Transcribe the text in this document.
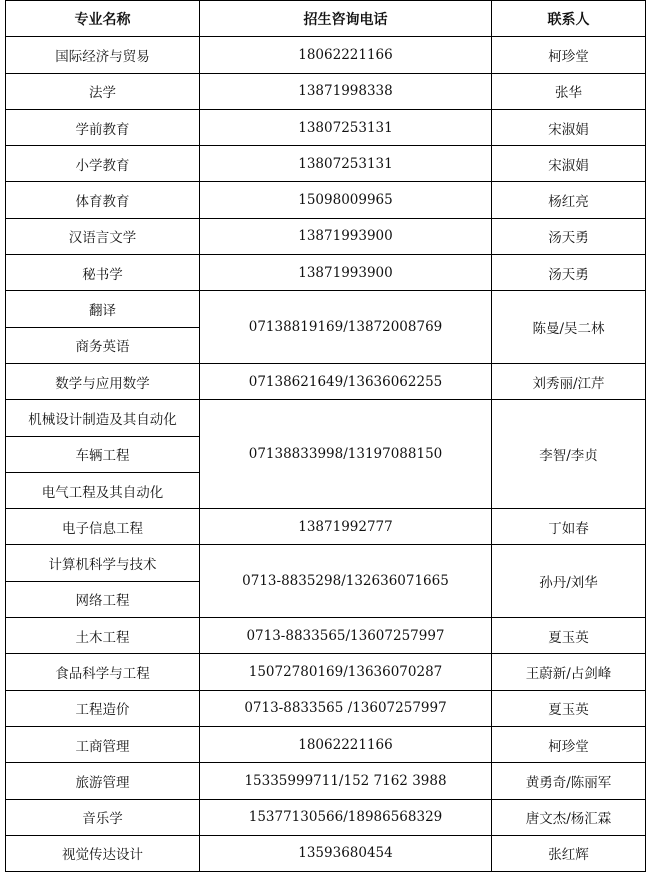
专业名称	招生咨询电话	联系人
国际经济与贸易	18062221166	柯珍堂
法学	13871998338	张华
学前教育	13807253131	宋淑娟
小学教育	13807253131	宋淑娟
体育教育	15098009965	杨红亮
汉语言文学	13871993900	汤天勇
秘书学	13871993900	汤天勇
翻译	07138819169/13872008769	陈曼/吴二林
商务英语		
数学与应用数学	07138621649/13636062255	刘秀丽/江芹
机械设计制造及其自动化	07138833998/13197088150	李智/李贞
车辆工程		
电气工程及其自动化		
电子信息工程	13871992777	丁如春
计算机科学与技术	0713-8835298/132636071665	孙丹/刘华
网络工程		
土木工程	0713-8833565/13607257997	夏玉英
食品科学与工程	15072780169/13636070287	王蔚新/占剑峰
工程造价	0713-8833565 /13607257997	夏玉英
工商管理	18062221166	柯珍堂
旅游管理	15335999711/152 7162 3988	黄勇奇/陈丽军
音乐学	15377130566/18986568329	唐文杰/杨汇霖
视觉传达设计	13593680454	张红辉
